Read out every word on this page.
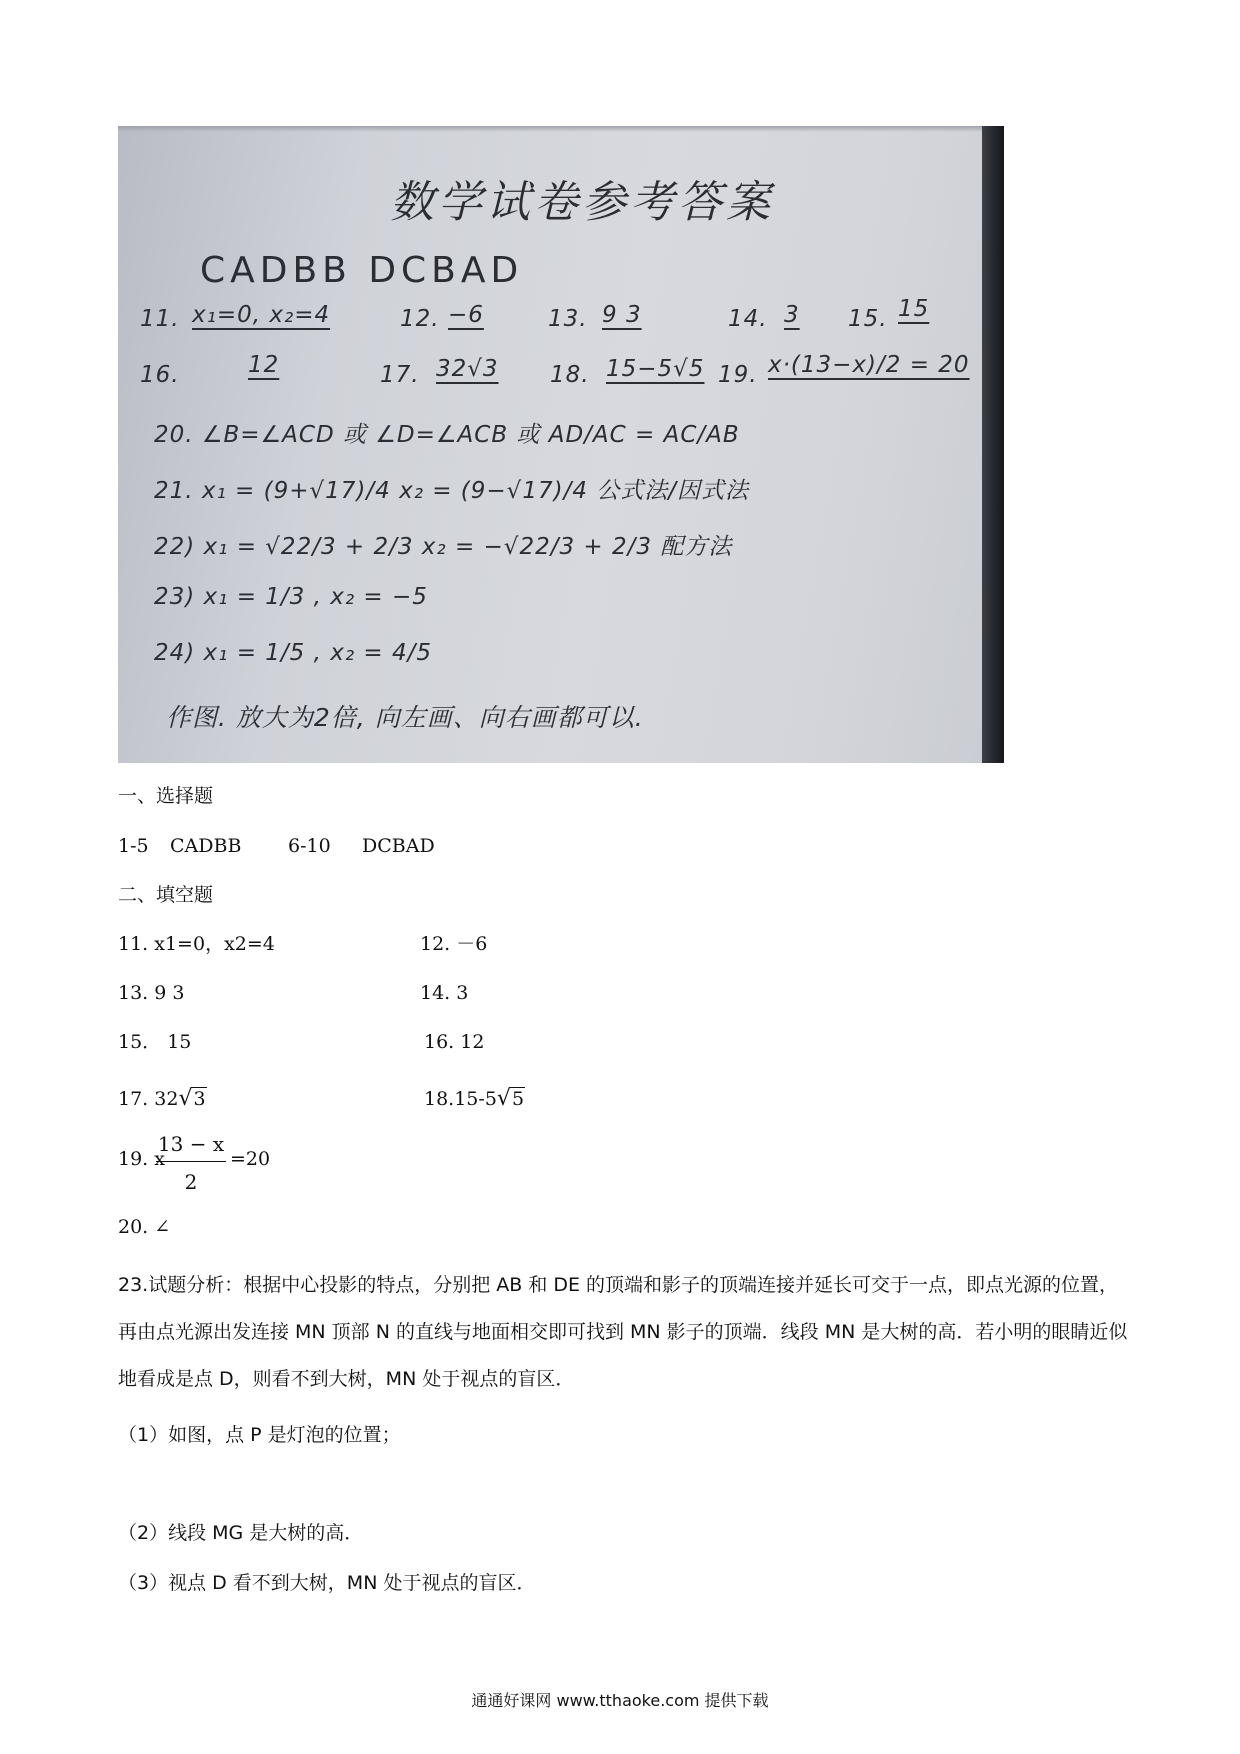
数学试卷参考答案
CADBB DCBAD
11. x₁=0, x₂=4	12. −6	13. 9 3	14. 3 15. 15
16.	12	17. 32√3 18. 15−5√5 19. x·(13−x)/2 = 20
20. ∠B=∠ACD 或 ∠D=∠ACB 或 AD/AC = AC/AB
21. x₁ = (9+√17)/4 x₂ = (9−√17)/4 公式法/因式法
22) x₁ = √22/3 + 2/3 x₂ = −√22/3 + 2/3 配方法
23) x₁ = 1/3 , x₂ = −5
24) x₁ = 1/5 , x₂ = 4/5
作图. 放大为2倍, 向左画、向右画都可以.
一、选择题
1-5 CADBB 6-10 DCBAD
二、填空题
11. x1=0，x2=4	12. －6
13. 9 3	14. 3
15． 15	16. 12
17. 32√3	18.15-5√5
19. x
13 − x
2
=20
20. ∠
23.试题分析：根据中心投影的特点，分别把 AB 和 DE 的顶端和影子的顶端连接并延长可交于一点，即点光源的位置，再由点光源出发连接 MN 顶部 N 的直线与地面相交即可找到 MN 影子的顶端．线段 MN 是大树的高．若小明的眼睛近似地看成是点 D，则看不到大树，MN 处于视点的盲区．
（1）如图，点 P 是灯泡的位置；
（2）线段 MG 是大树的高．
（3）视点 D 看不到大树，MN 处于视点的盲区．
通通好课网 www.tthaoke.com 提供下载
